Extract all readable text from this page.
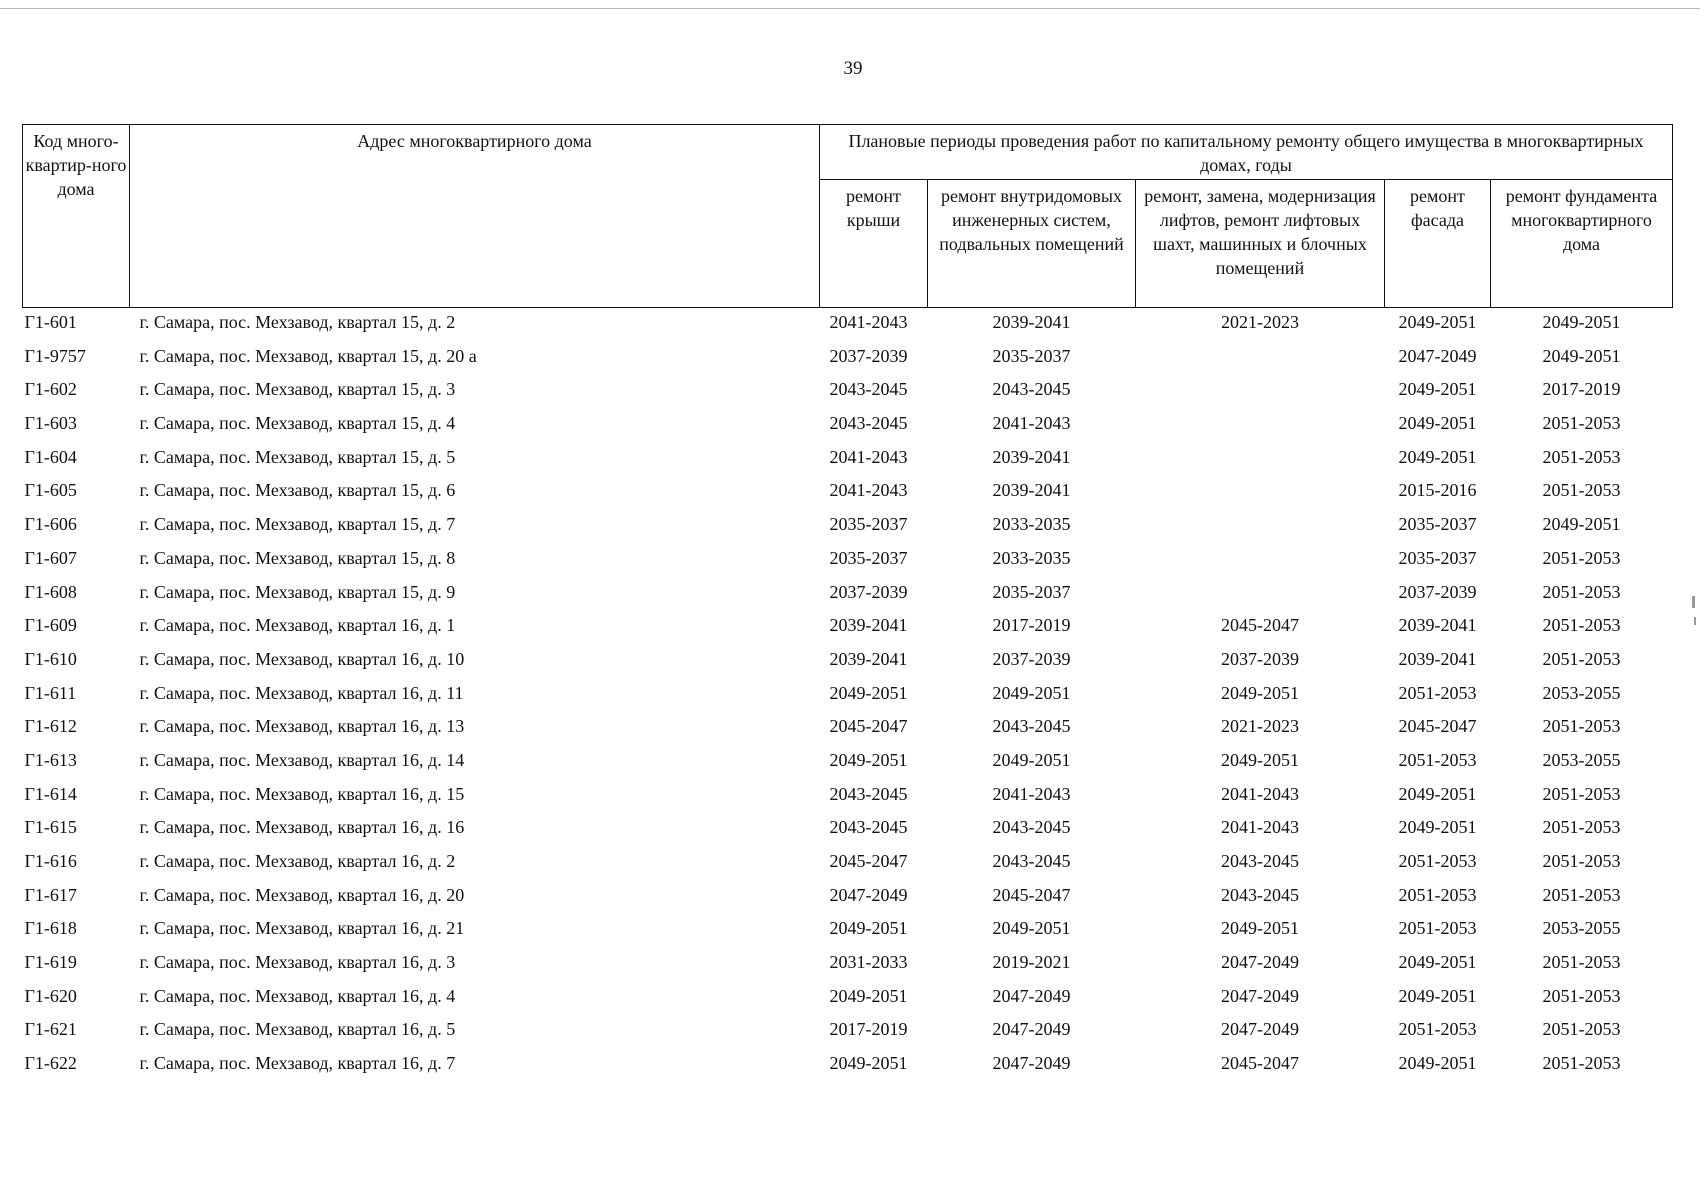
39
Код много-квартир-ного дома	Адрес многоквартирного дома	Плановые периоды проведения работ по капитальному ремонту общего имущества в многоквартирных домах, годы				
		ремонт крыши	ремонт внутридомовых инженерных систем, подвальных помещений	ремонт, замена, модернизация лифтов, ремонт лифтовых шахт, машинных и блочных помещений	ремонт фасада	ремонт фундамента многоквартирного дома
Г1-601	г. Самара, пос. Мехзавод, квартал 15, д. 2	2041-2043	2039-2041	2021-2023	2049-2051	2049-2051
Г1-9757	г. Самара, пос. Мехзавод, квартал 15, д. 20 а	2037-2039	2035-2037		2047-2049	2049-2051
Г1-602	г. Самара, пос. Мехзавод, квартал 15, д. 3	2043-2045	2043-2045		2049-2051	2017-2019
Г1-603	г. Самара, пос. Мехзавод, квартал 15, д. 4	2043-2045	2041-2043		2049-2051	2051-2053
Г1-604	г. Самара, пос. Мехзавод, квартал 15, д. 5	2041-2043	2039-2041		2049-2051	2051-2053
Г1-605	г. Самара, пос. Мехзавод, квартал 15, д. 6	2041-2043	2039-2041		2015-2016	2051-2053
Г1-606	г. Самара, пос. Мехзавод, квартал 15, д. 7	2035-2037	2033-2035		2035-2037	2049-2051
Г1-607	г. Самара, пос. Мехзавод, квартал 15, д. 8	2035-2037	2033-2035		2035-2037	2051-2053
Г1-608	г. Самара, пос. Мехзавод, квартал 15, д. 9	2037-2039	2035-2037		2037-2039	2051-2053
Г1-609	г. Самара, пос. Мехзавод, квартал 16, д. 1	2039-2041	2017-2019	2045-2047	2039-2041	2051-2053
Г1-610	г. Самара, пос. Мехзавод, квартал 16, д. 10	2039-2041	2037-2039	2037-2039	2039-2041	2051-2053
Г1-611	г. Самара, пос. Мехзавод, квартал 16, д. 11	2049-2051	2049-2051	2049-2051	2051-2053	2053-2055
Г1-612	г. Самара, пос. Мехзавод, квартал 16, д. 13	2045-2047	2043-2045	2021-2023	2045-2047	2051-2053
Г1-613	г. Самара, пос. Мехзавод, квартал 16, д. 14	2049-2051	2049-2051	2049-2051	2051-2053	2053-2055
Г1-614	г. Самара, пос. Мехзавод, квартал 16, д. 15	2043-2045	2041-2043	2041-2043	2049-2051	2051-2053
Г1-615	г. Самара, пос. Мехзавод, квартал 16, д. 16	2043-2045	2043-2045	2041-2043	2049-2051	2051-2053
Г1-616	г. Самара, пос. Мехзавод, квартал 16, д. 2	2045-2047	2043-2045	2043-2045	2051-2053	2051-2053
Г1-617	г. Самара, пос. Мехзавод, квартал 16, д. 20	2047-2049	2045-2047	2043-2045	2051-2053	2051-2053
Г1-618	г. Самара, пос. Мехзавод, квартал 16, д. 21	2049-2051	2049-2051	2049-2051	2051-2053	2053-2055
Г1-619	г. Самара, пос. Мехзавод, квартал 16, д. 3	2031-2033	2019-2021	2047-2049	2049-2051	2051-2053
Г1-620	г. Самара, пос. Мехзавод, квартал 16, д. 4	2049-2051	2047-2049	2047-2049	2049-2051	2051-2053
Г1-621	г. Самара, пос. Мехзавод, квартал 16, д. 5	2017-2019	2047-2049	2047-2049	2051-2053	2051-2053
Г1-622	г. Самара, пос. Мехзавод, квартал 16, д. 7	2049-2051	2047-2049	2045-2047	2049-2051	2051-2053
